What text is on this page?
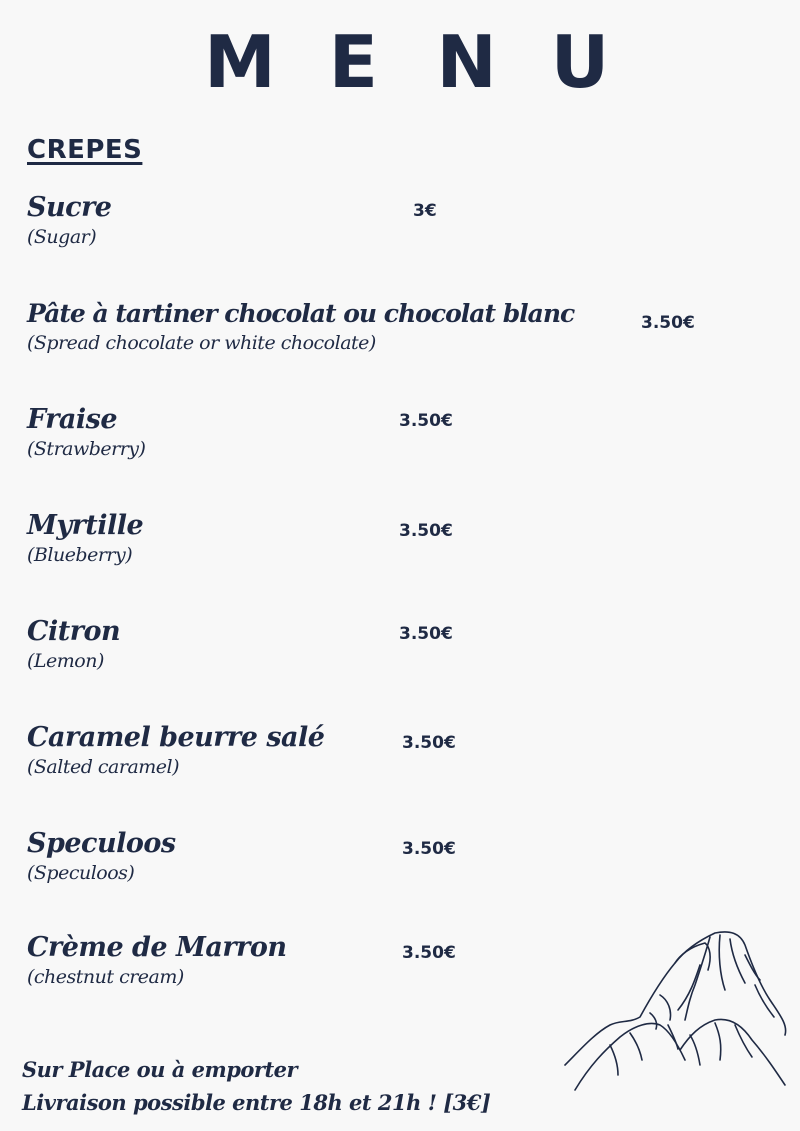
M E N U
CREPES
Sucre
(Sugar)
3€
Pâte à tartiner chocolat ou chocolat blanc
(Spread chocolate or white chocolate)
3.50€
Fraise
(Strawberry)
3.50€
Myrtille
(Blueberry)
3.50€
Citron
(Lemon)
3.50€
Caramel beurre salé
(Salted caramel)
3.50€
Speculoos
(Speculoos)
3.50€
Crème de Marron
(chestnut cream)
3.50€
Sur Place ou à emporter
Livraison possible entre 18h et 21h ! [3€]
